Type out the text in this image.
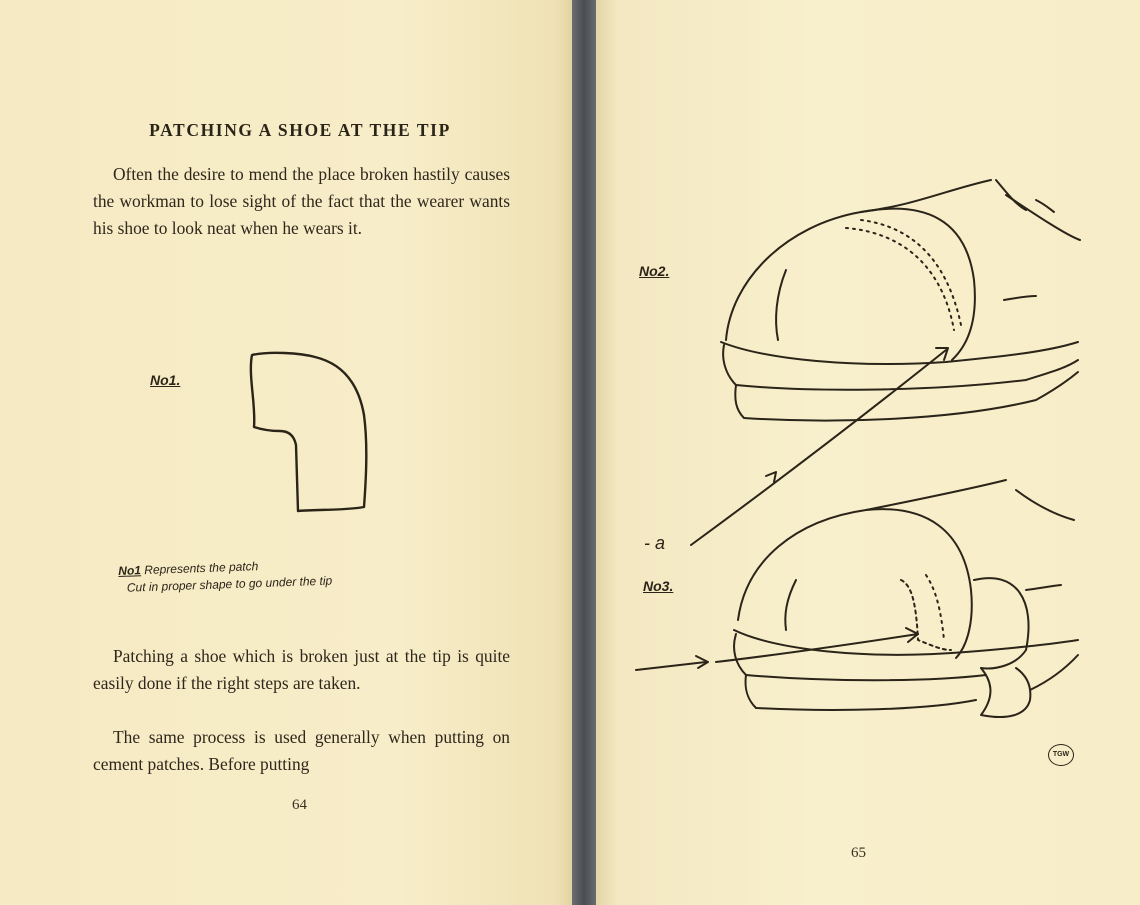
PATCHING A SHOE AT THE TIP

Often the desire to mend the place broken hastily causes the workman to lose sight of the fact that the wearer wants his shoe to look neat when he wears it.

No1.

No1 Represents the patch
Cut in proper shape to go under the tip

Patching a shoe which is broken just at the tip is quite easily done if the right steps are taken.

The same process is used generally when putting on cement patches. Before putting

64

No2.
- a
No3.
TGW

65
